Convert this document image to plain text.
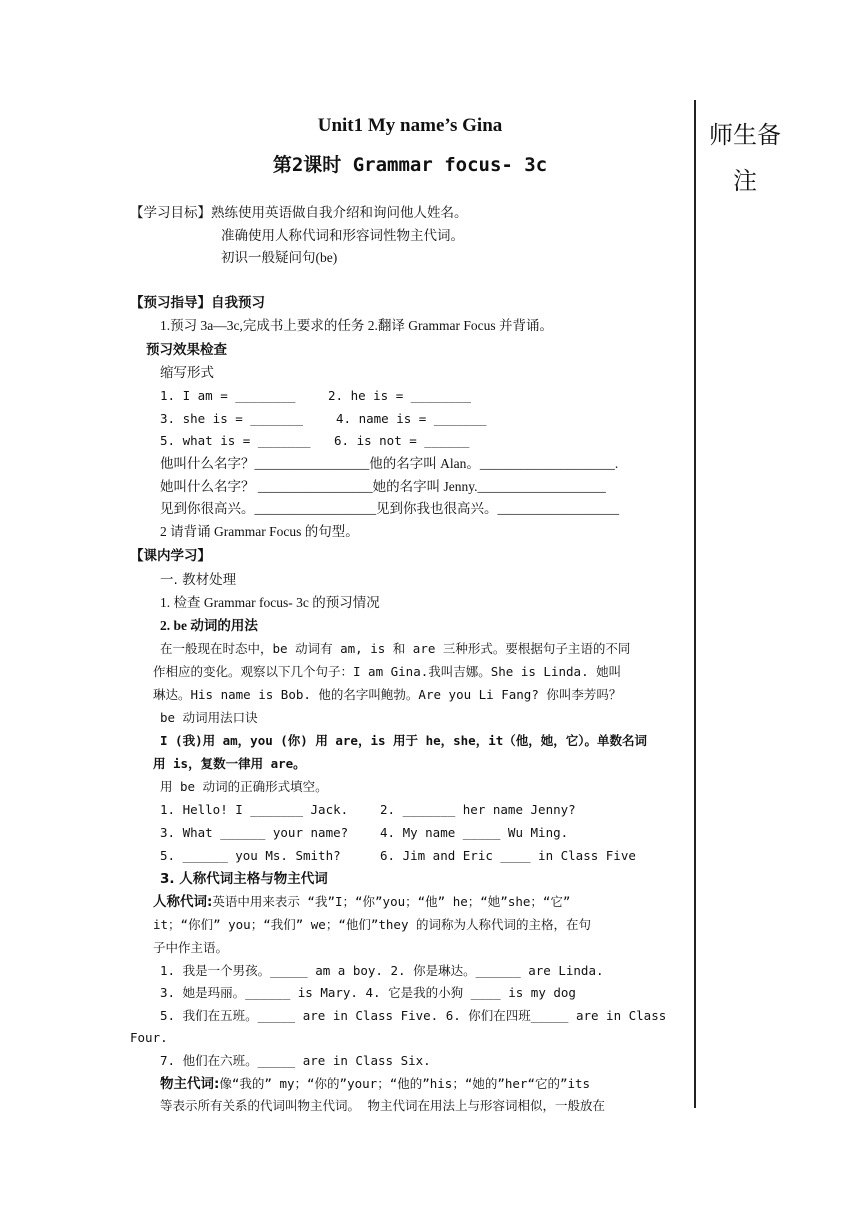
师生备
注
Unit1 My name’s Gina
第2课时 Grammar focus- 3c
【学习目标】熟练使用英语做自我介绍和询问他人姓名。
准确使用人称代词和形容词性物主代词。
初识一般疑问句(be)
【预习指导】自我预习
1.预习 3a—3c,完成书上要求的任务 2.翻译 Grammar Focus 并背诵。
预习效果检查
缩写形式
1. I am = ________	2. he is = ________
3. she is = _______	4. name is = _______
5. what is = _______ 6. is not = ______
他叫什么名字？_________________他的名字叫 Alan。____________________.
她叫什么名字？ _________________她的名字叫 Jenny.___________________
见到你很高兴。__________________见到你我也很高兴。__________________
2 请背诵 Grammar Focus 的句型。
【课内学习】
一. 教材处理
1. 检查 Grammar focus- 3c 的预习情况
2. be 动词的用法
在一般现在时态中，be 动词有 am, is 和 are 三种形式。要根据句子主语的不同
作相应的变化。观察以下几个句子：I am Gina.我叫吉娜。She is Linda. 她叫
琳达。His name is Bob. 他的名字叫鲍勃。Are you Li Fang? 你叫李芳吗？
be 动词用法口诀
I (我)用 am，you (你) 用 are，is 用于 he，she，it（他，她，它）。单数名词
用 is，复数一律用 are。
用 be 动词的正确形式填空。
1. Hello! I _______ Jack.	2. _______ her name Jenny?
3. What ______ your name?	4. My name _____ Wu Ming.
5. ______ you Ms. Smith?	6. Jim and Eric ____ in Class Five
3. 人称代词主格与物主代词
人称代词:英语中用来表示 “我”I；“你”you；“他” he；“她”she；“它”
it；“你们” you；“我们” we；“他们”they 的词称为人称代词的主格，在句
子中作主语。
1. 我是一个男孩。_____ am a boy. 2. 你是琳达。______ are Linda.
3. 她是玛丽。______ is Mary. 4. 它是我的小狗 ____ is my dog
5. 我们在五班。_____ are in Class Five. 6. 你们在四班_____ are in Class
Four.
7. 他们在六班。_____ are in Class Six.
物主代词:像“我的” my；“你的”your；“他的”his；“她的”her“它的”its
等表示所有关系的代词叫物主代词。 物主代词在用法上与形容词相似，一般放在
